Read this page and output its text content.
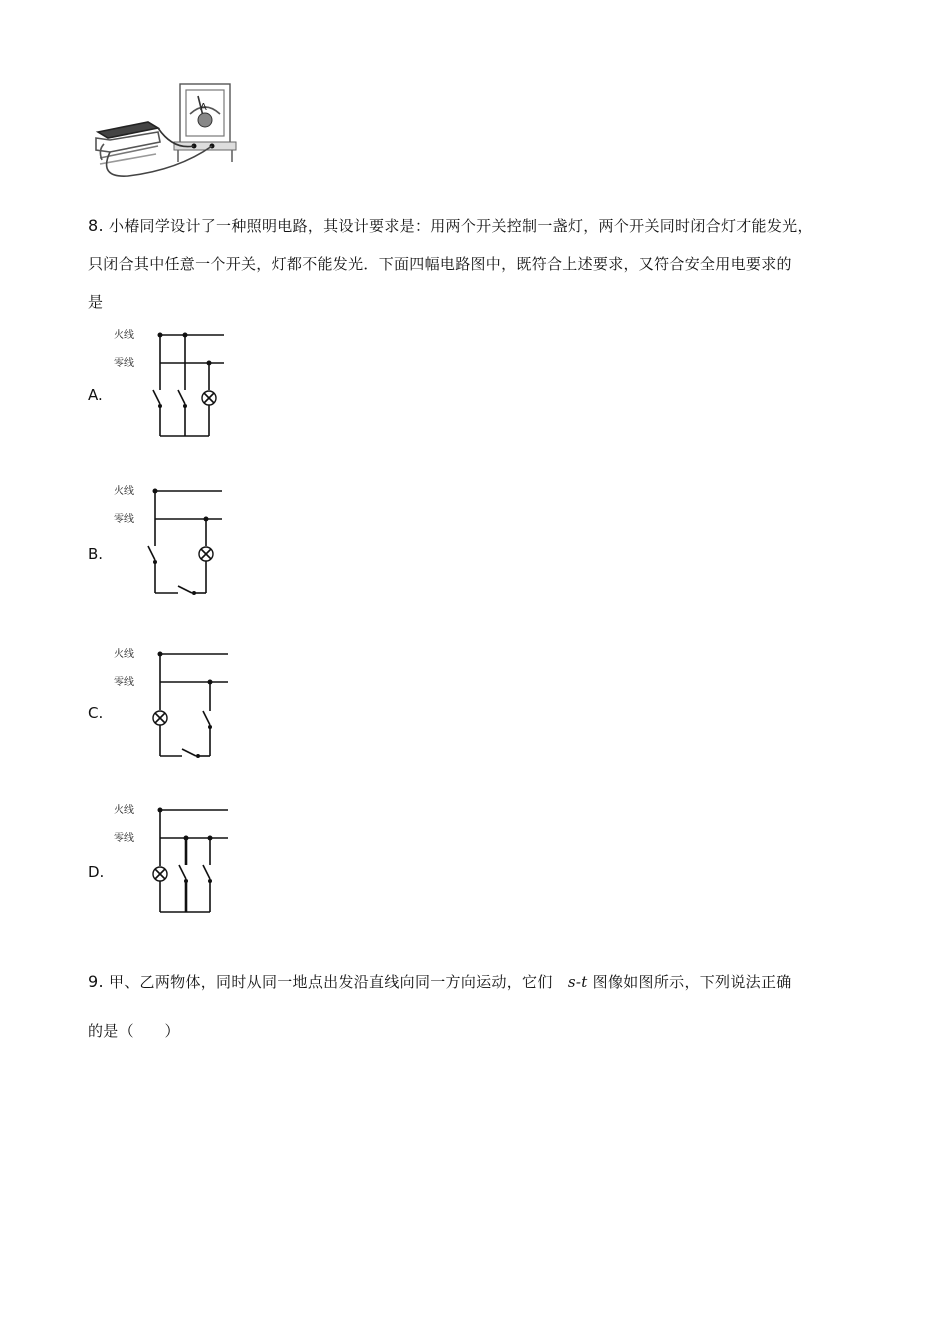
A
8. 小椿同学设计了一种照明电路，其设计要求是：用两个开关控制一盏灯，两个开关同时闭合灯才能发光，
只闭合其中任意一个开关，灯都不能发光．下面四幅电路图中，既符合上述要求，又符合安全用电要求的
是
A.
火线
零线
B.
火线
零线
C.
火线
零线
D.
火线
零线
9. 甲、乙两物体，同时从同一地点出发沿直线向同一方向运动，它们 s-t 图像如图所示，下列说法正确
的是（　　）
